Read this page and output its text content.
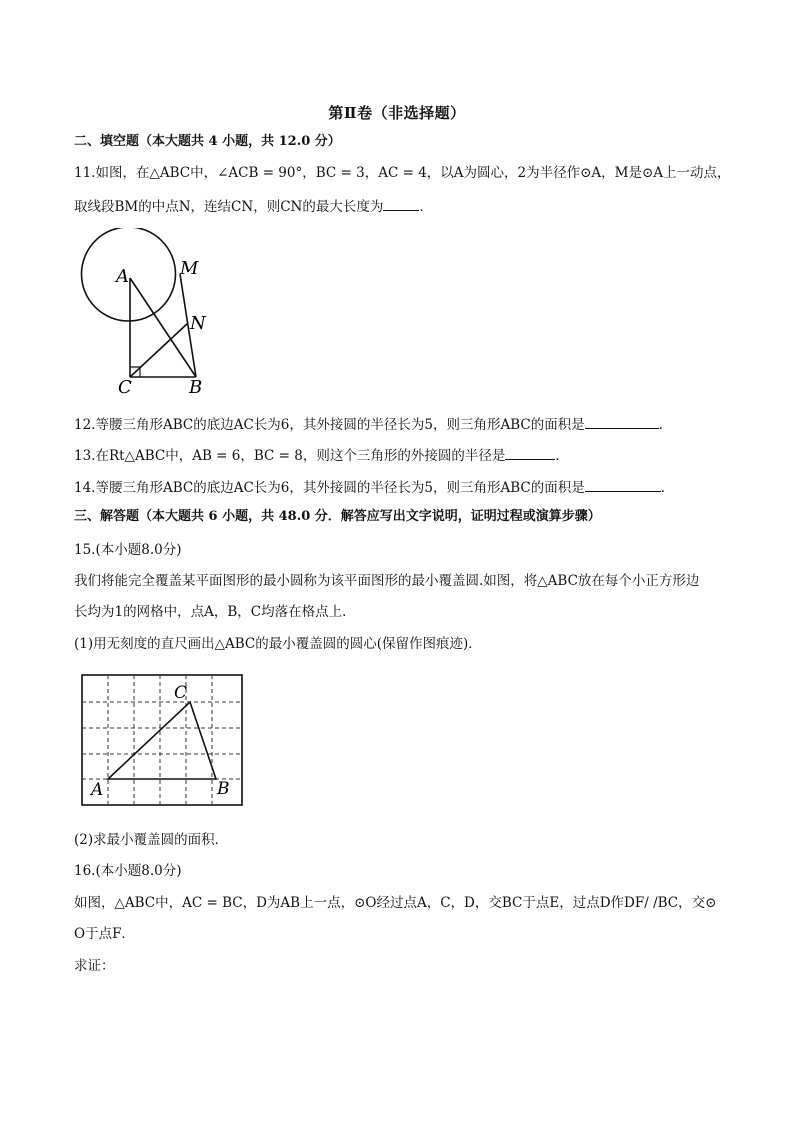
第Ⅱ卷（非选择题）
二、填空题（本大题共 4 小题，共 12.0 分）
11.如图，在△ABC中，∠ACB = 90°，BC = 3，AC = 4，以A为圆心，2为半径作⊙A，M是⊙A上一动点，
取线段BM的中点N，连结CN，则CN的最大长度为	．
A	M
N
C	B
12.等腰三角形ABC的底边AC长为6，其外接圆的半径长为5，则三角形ABC的面积是	．
13.在Rt△ABC中，AB = 6，BC = 8，则这个三角形的外接圆的半径是	．
14.等腰三角形ABC的底边AC长为6，其外接圆的半径长为5，则三角形ABC的面积是	．
三、解答题（本大题共 6 小题，共 48.0 分．解答应写出文字说明，证明过程或演算步骤）
15.(本小题8.0分)
我们将能完全覆盖某平面图形的最小圆称为该平面图形的最小覆盖圆.如图，将△ABC放在每个小正方形边
长均为1的网格中，点A，B，C均落在格点上．
(1)用无刻度的直尺画出△ABC的最小覆盖圆的圆心(保留作图痕迹)．
C
A	B
(2)求最小覆盖圆的面积．
16.(本小题8.0分)
如图，△ABC中，AC = BC，D为AB上一点，⊙O经过点A，C，D，交BC于点E，过点D作DF/ /BC，交⊙
O于点F．
求证：
